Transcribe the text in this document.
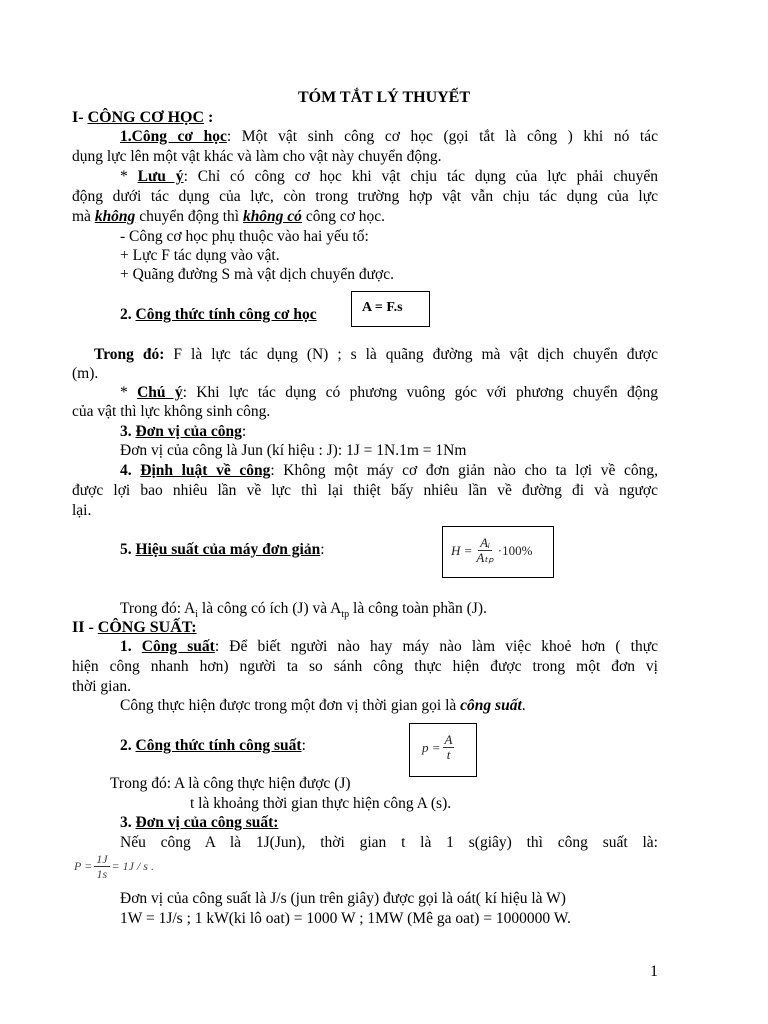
TÓM TẮT LÝ THUYẾT
I- CÔNG CƠ HỌC :
1.Công cơ học: Một vật sinh công cơ học (gọi tắt là công ) khi nó tác
dụng lực lên một vật khác và làm cho vật này chuyển động.
* Lưu ý: Chỉ có công cơ học khi vật chịu tác dụng của lực phải chuyển
động dưới tác dụng của lực, còn trong trường hợp vật vẫn chịu tác dụng của lực
mà không chuyển động thì không có công cơ học.
- Công cơ học phụ thuộc vào hai yếu tố:
+ Lực F tác dụng vào vật.
+ Quãng đường S mà vật dịch chuyển được.
2. Công thức tính công cơ học	A = F.s
Trong đó: F là lực tác dụng (N) ; s là quãng đường mà vật dịch chuyển được
(m).
* Chú ý: Khi lực tác dụng có phương vuông góc với phương chuyển động
của vật thì lực không sinh công.
3. Đơn vị của công:
Đơn vị của công là Jun (kí hiệu : J): 1J = 1N.1m = 1Nm
4. Định luật về công: Không một máy cơ đơn giản nào cho ta lợi về công,
được lợi bao nhiêu lần về lực thì lại thiệt bấy nhiêu lần về đường đi và ngược
lại.
5. Hiệu suất của máy đơn giản:	$H = \frac{\text{Aᵢ}}{\text{Aₜₚ}} \cdot 100\%$
Trong đó: $A_i$ là công có ích (J) và $A_{tp}$ là công toàn phần (J).
II - CÔNG SUẤT:
1. Công suất: Để biết người nào hay máy nào làm việc khoẻ hơn ( thực
hiện công nhanh hơn) người ta so sánh công thực hiện được trong một đơn vị
thời gian.
Công thực hiện được trong một đơn vị thời gian gọi là công suất.
2. Công thức tính công suất:	$p = \frac{A}{t}$
Trong đó: A là công thực hiện được (J)
t là khoảng thời gian thực hiện công A (s).
3. Đơn vị của công suất:
Nếu công A là 1J(Jun), thời gian t là 1 s(giây) thì công suất là:
$P = \frac{1J}{1s} = 1J / s$ .
Đơn vị của công suất là J/s (jun trên giây) được gọi là oát( kí hiệu là W)
1W = 1J/s ; 1 kW(ki lô oat) = 1000 W ; 1MW (Mê ga oat) = 1000000 W.
1
